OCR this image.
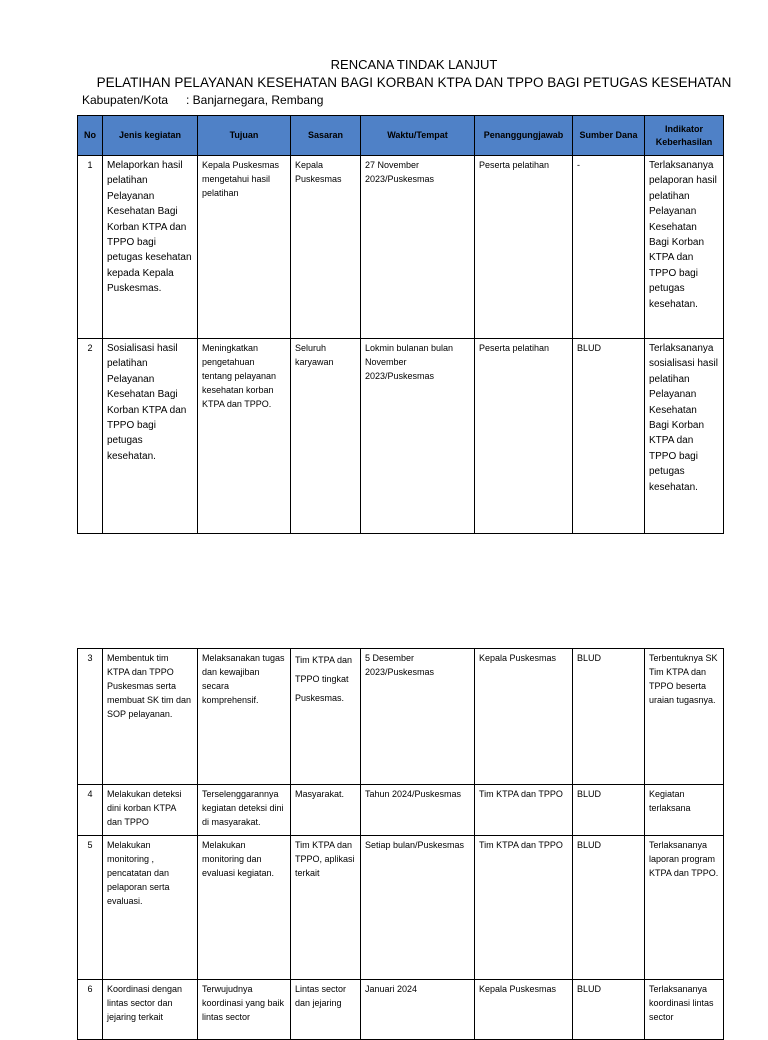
RENCANA TINDAK LANJUT
PELATIHAN PELAYANAN KESEHATAN BAGI KORBAN KTPA DAN TPPO BAGI PETUGAS KESEHATAN
Kabupaten/Kota : Banjarnegara, Rembang
No	Jenis kegiatan	Tujuan	Sasaran	Waktu/Tempat	Penanggungjawab	Sumber Dana	Indikator Keberhasilan
1	Melaporkan hasil pelatihan Pelayanan Kesehatan Bagi Korban KTPA dan TPPO bagi petugas kesehatan kepada Kepala Puskesmas.	Kepala Puskesmas mengetahui hasil pelatihan	Kepala Puskesmas	27 November 2023/Puskesmas	Peserta pelatihan	-	Terlaksananya pelaporan hasil pelatihan Pelayanan Kesehatan Bagi Korban KTPA dan TPPO bagi petugas kesehatan.
2	Sosialisasi hasil pelatihan Pelayanan Kesehatan Bagi Korban KTPA dan TPPO bagi petugas kesehatan.	Meningkatkan pengetahuan tentang pelayanan kesehatan korban KTPA dan TPPO.	Seluruh karyawan	Lokmin bulanan bulan November 2023/Puskesmas	Peserta pelatihan	BLUD	Terlaksananya sosialisasi hasil pelatihan Pelayanan Kesehatan Bagi Korban KTPA dan TPPO bagi petugas kesehatan.
3	Membentuk tim KTPA dan TPPO Puskesmas serta membuat SK tim dan SOP pelayanan.	Melaksanakan tugas dan kewajiban secara komprehensif.	Tim KTPA dan TPPO tingkat Puskesmas.	5 Desember 2023/Puskesmas	Kepala Puskesmas	BLUD	Terbentuknya SK Tim KTPA dan TPPO beserta uraian tugasnya.
4	Melakukan deteksi dini korban KTPA dan TPPO	Terselenggarannya kegiatan deteksi dini di masyarakat.	Masyarakat.	Tahun 2024/Puskesmas	Tim KTPA dan TPPO	BLUD	Kegiatan terlaksana
5	Melakukan monitoring , pencatatan dan pelaporan serta evaluasi.	Melakukan monitoring dan evaluasi kegiatan.	Tim KTPA dan TPPO, aplikasi terkait	Setiap bulan/Puskesmas	Tim KTPA dan TPPO	BLUD	Terlaksananya laporan program KTPA dan TPPO.
6	Koordinasi dengan lintas sector dan jejaring terkait	Terwujudnya koordinasi yang baik lintas sector	Lintas sector dan jejaring	Januari 2024	Kepala Puskesmas	BLUD	Terlaksananya koordinasi lintas sector
